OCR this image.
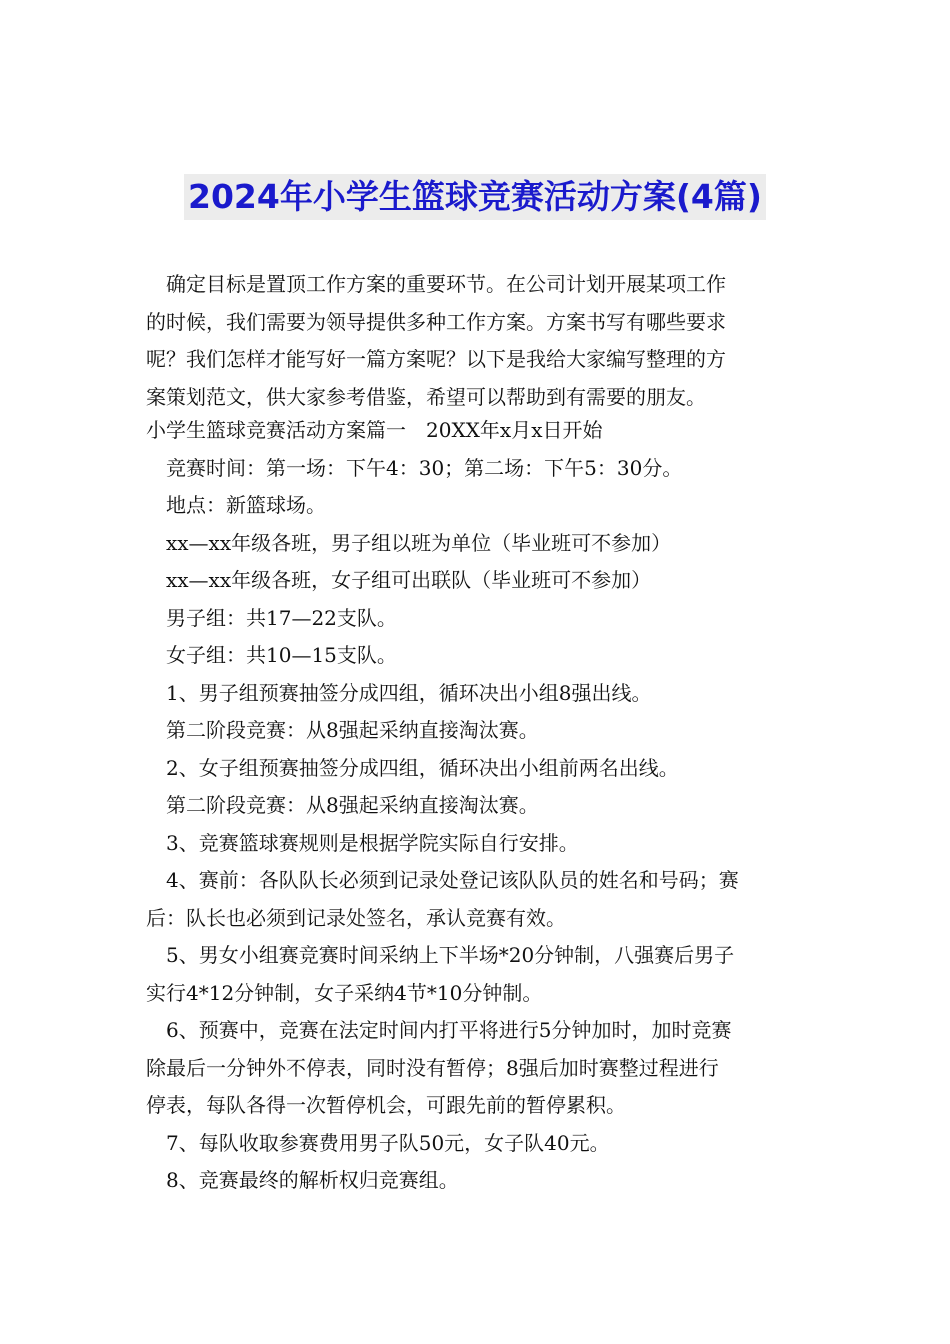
2024年小学生篮球竞赛活动方案(4篇)

确定目标是置顶工作方案的重要环节。在公司计划开展某项工作

的时候，我们需要为领导提供多种工作方案。方案书写有哪些要求

呢？我们怎样才能写好一篇方案呢？以下是我给大家编写整理的方

案策划范文，供大家参考借鉴，希望可以帮助到有需要的朋友。

小学生篮球竞赛活动方案篇一　20XX年x月x日开始

竞赛时间：第一场：下午4：30；第二场：下午5：30分。

地点：新篮球场。

xx—xx年级各班，男子组以班为单位（毕业班可不参加）

xx—xx年级各班，女子组可出联队（毕业班可不参加）

男子组：共17—22支队。

女子组：共10—15支队。

1、男子组预赛抽签分成四组，循环决出小组8强出线。

第二阶段竞赛：从8强起采纳直接淘汰赛。

2、女子组预赛抽签分成四组，循环决出小组前两名出线。

第二阶段竞赛：从8强起采纳直接淘汰赛。

3、竞赛篮球赛规则是根据学院实际自行安排。

4、赛前：各队队长必须到记录处登记该队队员的姓名和号码；赛

后：队长也必须到记录处签名，承认竞赛有效。

5、男女小组赛竞赛时间采纳上下半场*20分钟制，八强赛后男子

实行4*12分钟制，女子采纳4节*10分钟制。

6、预赛中，竞赛在法定时间内打平将进行5分钟加时，加时竞赛

除最后一分钟外不停表，同时没有暂停；8强后加时赛整过程进行

停表，每队各得一次暂停机会，可跟先前的暂停累积。

7、每队收取参赛费用男子队50元，女子队40元。

8、竞赛最终的解析权归竞赛组。
